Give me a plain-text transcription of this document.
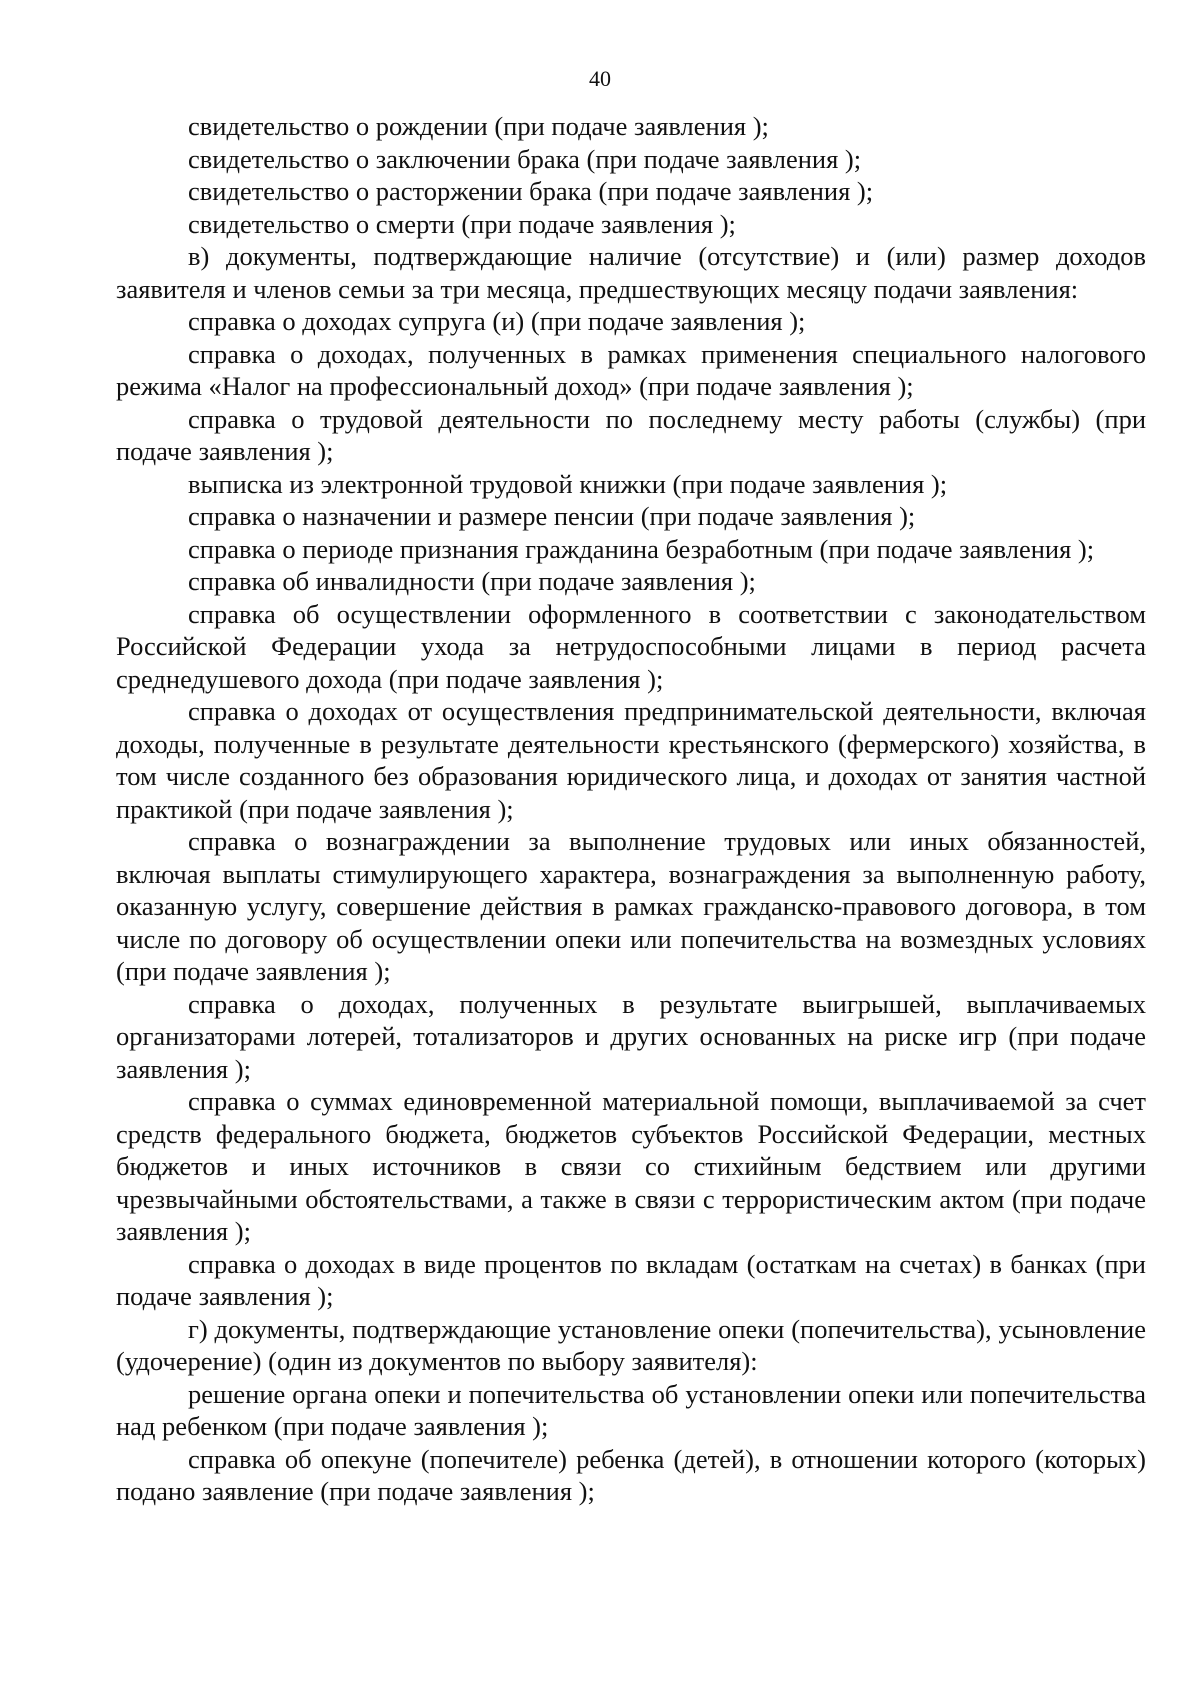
40

свидетельство о рождении (при подаче заявления );

свидетельство о заключении брака (при подаче заявления );

свидетельство о расторжении брака (при подаче заявления );

свидетельство о смерти (при подаче заявления );

в) документы, подтверждающие наличие (отсутствие) и (или) размер доходов заявителя и членов семьи за три месяца, предшествующих месяцу подачи заявления:

справка о доходах супруга (и) (при подаче заявления );

справка о доходах, полученных в рамках применения специального налогового режима «Налог на профессиональный доход» (при подаче заявления );

справка о трудовой деятельности по последнему месту работы (службы) (при подаче заявления );

выписка из электронной трудовой книжки (при подаче заявления );

справка о назначении и размере пенсии (при подаче заявления );

справка о периоде признания гражданина безработным (при подаче заявления );

справка об инвалидности (при подаче заявления );

справка об осуществлении оформленного в соответствии с законодательством Российской Федерации ухода за нетрудоспособными лицами в период расчета среднедушевого дохода (при подаче заявления );

справка о доходах от осуществления предпринимательской деятельности, включая доходы, полученные в результате деятельности крестьянского (фермерского) хозяйства, в том числе созданного без образования юридического лица, и доходах от занятия частной практикой (при подаче заявления );

справка о вознаграждении за выполнение трудовых или иных обязанностей, включая выплаты стимулирующего характера, вознаграждения за выполненную работу, оказанную услугу, совершение действия в рамках гражданско-правового договора, в том числе по договору об осуществлении опеки или попечительства на возмездных условиях (при подаче заявления );

справка о доходах, полученных в результате выигрышей, выплачиваемых организаторами лотерей, тотализаторов и других основанных на риске игр (при подаче заявления );

справка о суммах единовременной материальной помощи, выплачиваемой за счет средств федерального бюджета, бюджетов субъектов Российской Федерации, местных бюджетов и иных источников в связи со стихийным бедствием или другими чрезвычайными обстоятельствами, а также в связи с террористическим актом (при подаче заявления );

справка о доходах в виде процентов по вкладам (остаткам на счетах) в банках (при подаче заявления );

г) документы, подтверждающие установление опеки (попечительства), усыновление (удочерение) (один из документов по выбору заявителя):

решение органа опеки и попечительства об установлении опеки или попечительства над ребенком (при подаче заявления );

справка об опекуне (попечителе) ребенка (детей), в отношении которого (которых) подано заявление (при подаче заявления );
